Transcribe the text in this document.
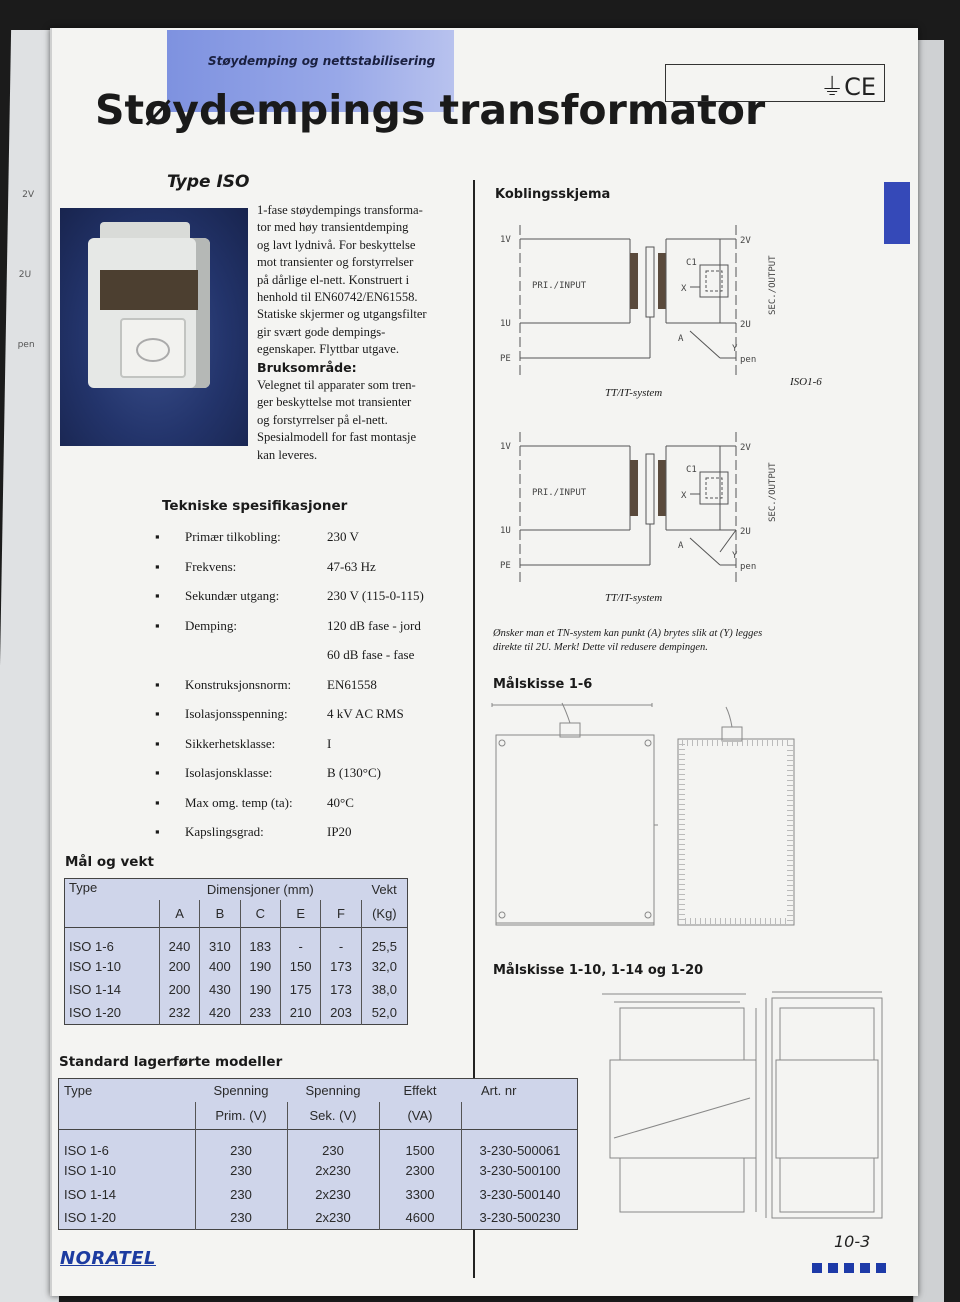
2V
2U
pen
Støydemping og nettstabilisering
Støydempings transformator ⏚CE
Type ISO
1-fase støydempings transforma-
tor med høy transientdemping
og lavt lydnivå. For beskyttelse
mot transienter og forstyrrelser
på dårlige el-nett. Konstruert i
henhold til EN60742/EN61558.
Statiske skjermer og utgangsfilter
gir svært gode dempings-
egenskaper. Flyttbar utgave.
Bruksområde:
Velegnet til apparater som tren-
ger beskyttelse mot transienter
og forstyrrelser på el-nett.
Spesialmodell for fast montasje
kan leveres.
Tekniske spesifikasjoner
▪ Primær tilkobling:	230 V
▪ Frekvens:	47-63 Hz
▪ Sekundær utgang:	230 V (115-0-115)
▪ Demping:	120 dB fase - jord
60 dB fase - fase
▪ Konstruksjonsnorm:	EN61558
▪ Isolasjonsspenning:	4 kV AC RMS
▪ Sikkerhetsklasse:	I
▪ Isolasjonsklasse:	B (130°C)
▪ Max omg. temp (ta):	40°C
▪ Kapslingsgrad:	IP20
Mål og vekt
Type	Dimensjoner (mm)					Vekt
	A	B	C	E	F	(Kg)
ISO 1-6	240	310	183	-	-	25,5
ISO 1-10	200	400	190	150	173	32,0
ISO 1-14	200	430	190	175	173	38,0
ISO 1-20	232	420	233	210	203	52,0
Standard lagerførte modeller
Type	Spenning	Spenning	Effekt	Art. nr
	Prim. (V)	Sek. (V)	(VA)	
ISO 1-6	230	230	1500	3-230-500061
ISO 1-10	230	2x230	2300	3-230-500100
ISO 1-14	230	2x230	3300	3-230-500140
ISO 1-20	230	2x230	4600	3-230-500230
Koblingsskjema
1V
1U
PE
2V
2U
pen
C1
X
A
Y
PRI./INPUT	SEC./OUTPUT
1V
1U
PE
2V
2U
pen
C1
X
A
Y
PRI./INPUT	SEC./OUTPUT
TT/IT-system
ISO1-6
TT/IT-system
Ønsker man et TN-system kan punkt (A) brytes slik at (Y) legges direkte til 2U. Merk! Dette vil redusere dempingen.
Målskisse 1-6
Målskisse 1-10, 1-14 og 1-20
NORATEL
10-3
